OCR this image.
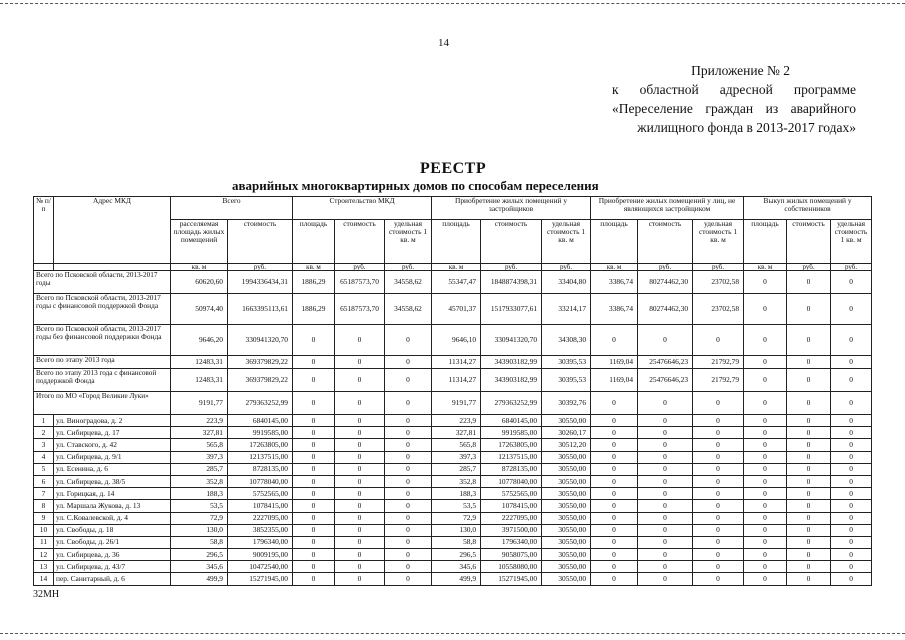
14
Приложение № 2
к областной адресной программе
«Переселение граждан из аварийного
жилищного фонда в 2013-2017 годах»
РЕЕСТР
аварийных многоквартирных домов по способам переселения
№ п/п	Адрес МКД	Всего		Строительство МКД			Приобретение жилых помещений у застройщиков			Приобретение жилых помещений у лиц, не являющихся застройщиком			Выкуп жилых помещений у собственников		
		расселяемая площадь жилых помещений	стоимость	площадь	стоимость	удельная стоимость 1 кв. м	площадь	стоимость	удельная стоимость 1 кв. м	площадь	стоимость	удельная стоимость 1 кв. м	площадь	стоимость	удельная стоимость 1 кв. м
		кв. м	руб.	кв. м	руб.	руб.	кв. м	руб.	руб.	кв. м	руб.	руб.	кв. м	руб.	руб.
Всего по Псковской области, 2013-2017 годы		60620,60	1994336434,31	1886,29	65187573,70	34558,62	55347,47	1848874398,31	33404,80	3386,74	80274462,30	23702,58	0	0	0
Всего по Псковской области, 2013-2017 годы с финансовой поддержкой Фонда		50974,40	1663395113,61	1886,29	65187573,70	34558,62	45701,37	1517933077,61	33214,17	3386,74	80274462,30	23702,58	0	0	0
Всего по Псковской области, 2013-2017 годы без финансовой поддержки Фонда		9646,20	330941320,70	0	0	0	9646,10	330941320,70	34308,30	0	0	0	0	0	0
Всего по этапу 2013 года		12483,31	369379829,22	0	0	0	11314,27	343903182,99	30395,53	1169,04	25476646,23	21792,79	0	0	0
Всего по этапу 2013 года с финансовой поддержкой Фонда		12483,31	369379829,22	0	0	0	11314,27	343903182,99	30395,53	1169,04	25476646,23	21792,79	0	0	0
Итого по МО «Город Великие Луки»		9191,77	279363252,99	0	0	0	9191,77	279363252,99	30392,76	0	0	0	0	0	0
1	ул. Виноградова, д. 2	223,9	6840145,00	0	0	0	223,9	6840145,00	30550,00	0	0	0	0	0	0
2	ул. Сибирцева, д. 17	327,81	9919585,00	0	0	0	327,81	9919585,00	30260,17	0	0	0	0	0	0
3	ул. Ставского, д. 42	565,8	17263805,00	0	0	0	565,8	17263805,00	30512,20	0	0	0	0	0	0
4	ул. Сибирцева, д. 9/1	397,3	12137515,00	0	0	0	397,3	12137515,00	30550,00	0	0	0	0	0	0
5	ул. Есенина, д. 6	285,7	8728135,00	0	0	0	285,7	8728135,00	30550,00	0	0	0	0	0	0
6	ул. Сибирцева, д. 38/5	352,8	10778040,00	0	0	0	352,8	10778040,00	30550,00	0	0	0	0	0	0
7	ул. Горицкая, д. 14	188,3	5752565,00	0	0	0	188,3	5752565,00	30550,00	0	0	0	0	0	0
8	ул. Маршала Жукова, д. 13	53,5	1078415,00	0	0	0	53,5	1078415,00	30550,00	0	0	0	0	0	0
9	ул. С.Ковалевской, д. 4	72,9	2227095,00	0	0	0	72,9	2227095,00	30550,00	0	0	0	0	0	0
10	ул. Свободы, д. 18	130,0	3852355,00	0	0	0	130,0	3971500,00	30550,00	0	0	0	0	0	0
11	ул. Свободы, д. 26/1	58,8	1796340,00	0	0	0	58,8	1796340,00	30550,00	0	0	0	0	0	0
12	ул. Сибирцева, д. 36	296,5	9009195,00	0	0	0	296,5	9058075,00	30550,00	0	0	0	0	0	0
13	ул. Сибирцева, д. 43/7	345,6	10472540,00	0	0	0	345,6	10558080,00	30550,00	0	0	0	0	0	0
14	пер. Санитарный, д. 6	499,9	15271945,00	0	0	0	499,9	15271945,00	30550,00	0	0	0	0	0	0
32МН
